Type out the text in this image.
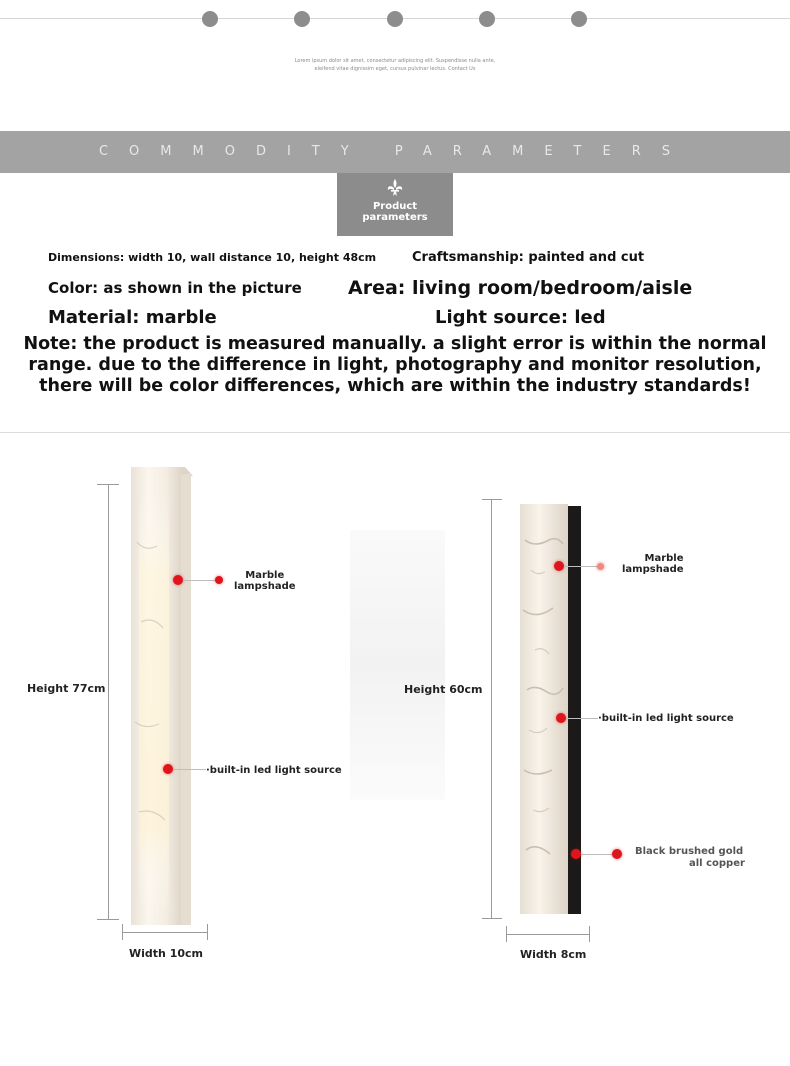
Lorem ipsum dolor sit amet, consectetur adipiscing elit. Suspendisse nulla ante, eleifend vitae dignissim eget, cursus pulvinar lectus. Contact Us
COMMODITY PARAMETERS
Product
parameters
Dimensions: width 10, wall distance 10, height 48cm	Craftsmanship: painted and cut
Color: as shown in the picture Area: living room/bedroom/aisle
Material: marble	Light source: led
Note: the product is measured manually. a slight error is within the normal range. due to the difference in light, photography and monitor resolution, there will be color differences, which are within the industry standards!
Height 77cm
Width 10cm
Marble
lampshade
·built-in led light source
Height 60cm
Width 8cm
Marble
lampshade
·built-in led light source
Black brushed gold
all copper
